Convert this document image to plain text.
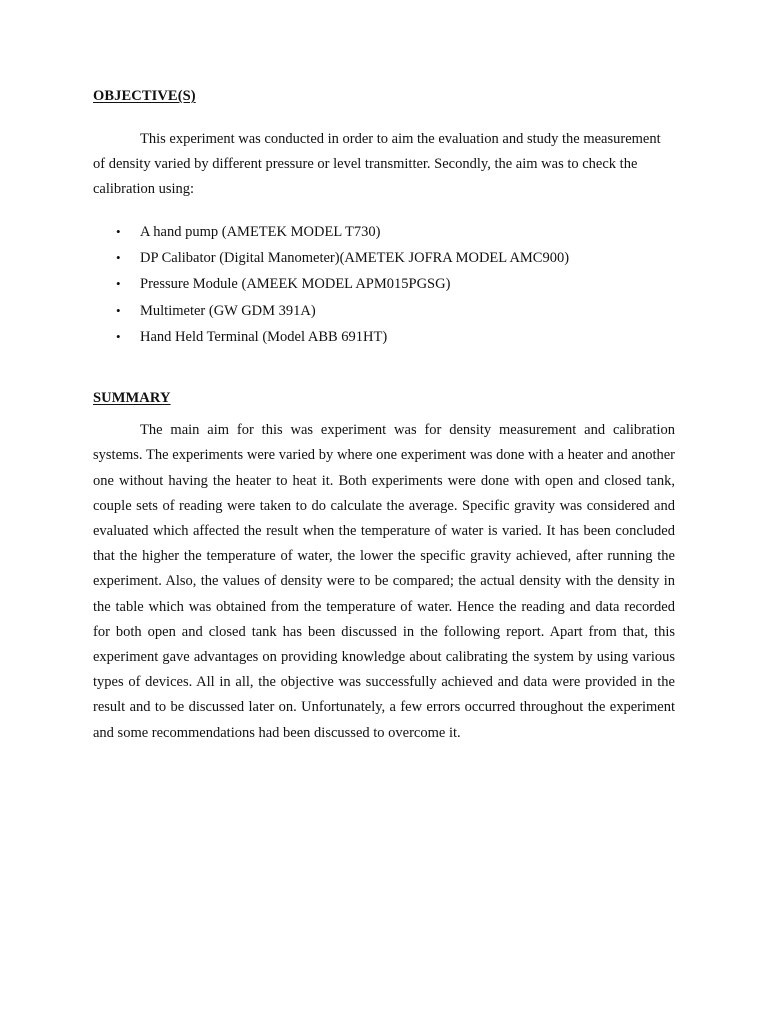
OBJECTIVE(S)

This experiment was conducted in order to aim the evaluation and study the measurement of density varied by different pressure or level transmitter. Secondly, the aim was to check the calibration using:

• A hand pump (AMETEK MODEL T730)
• DP Calibator (Digital Manometer)(AMETEK JOFRA MODEL AMC900)
• Pressure Module (AMEEK MODEL APM015PGSG)
• Multimeter (GW GDM 391A)
• Hand Held Terminal (Model ABB 691HT)
SUMMARY

The main aim for this was experiment was for density measurement and calibration systems. The experiments were varied by where one experiment was done with a heater and another one without having the heater to heat it. Both experiments were done with open and closed tank, couple sets of reading were taken to do calculate the average. Specific gravity was considered and evaluated which affected the result when the temperature of water is varied. It has been concluded that the higher the temperature of water, the lower the specific gravity achieved, after running the experiment. Also, the values of density were to be compared; the actual density with the density in the table which was obtained from the temperature of water. Hence the reading and data recorded for both open and closed tank has been discussed in the following report. Apart from that, this experiment gave advantages on providing knowledge about calibrating the system by using various types of devices. All in all, the objective was successfully achieved and data were provided in the result and to be discussed later on. Unfortunately, a few errors occurred throughout the experiment and some recommendations had been discussed to overcome it.
